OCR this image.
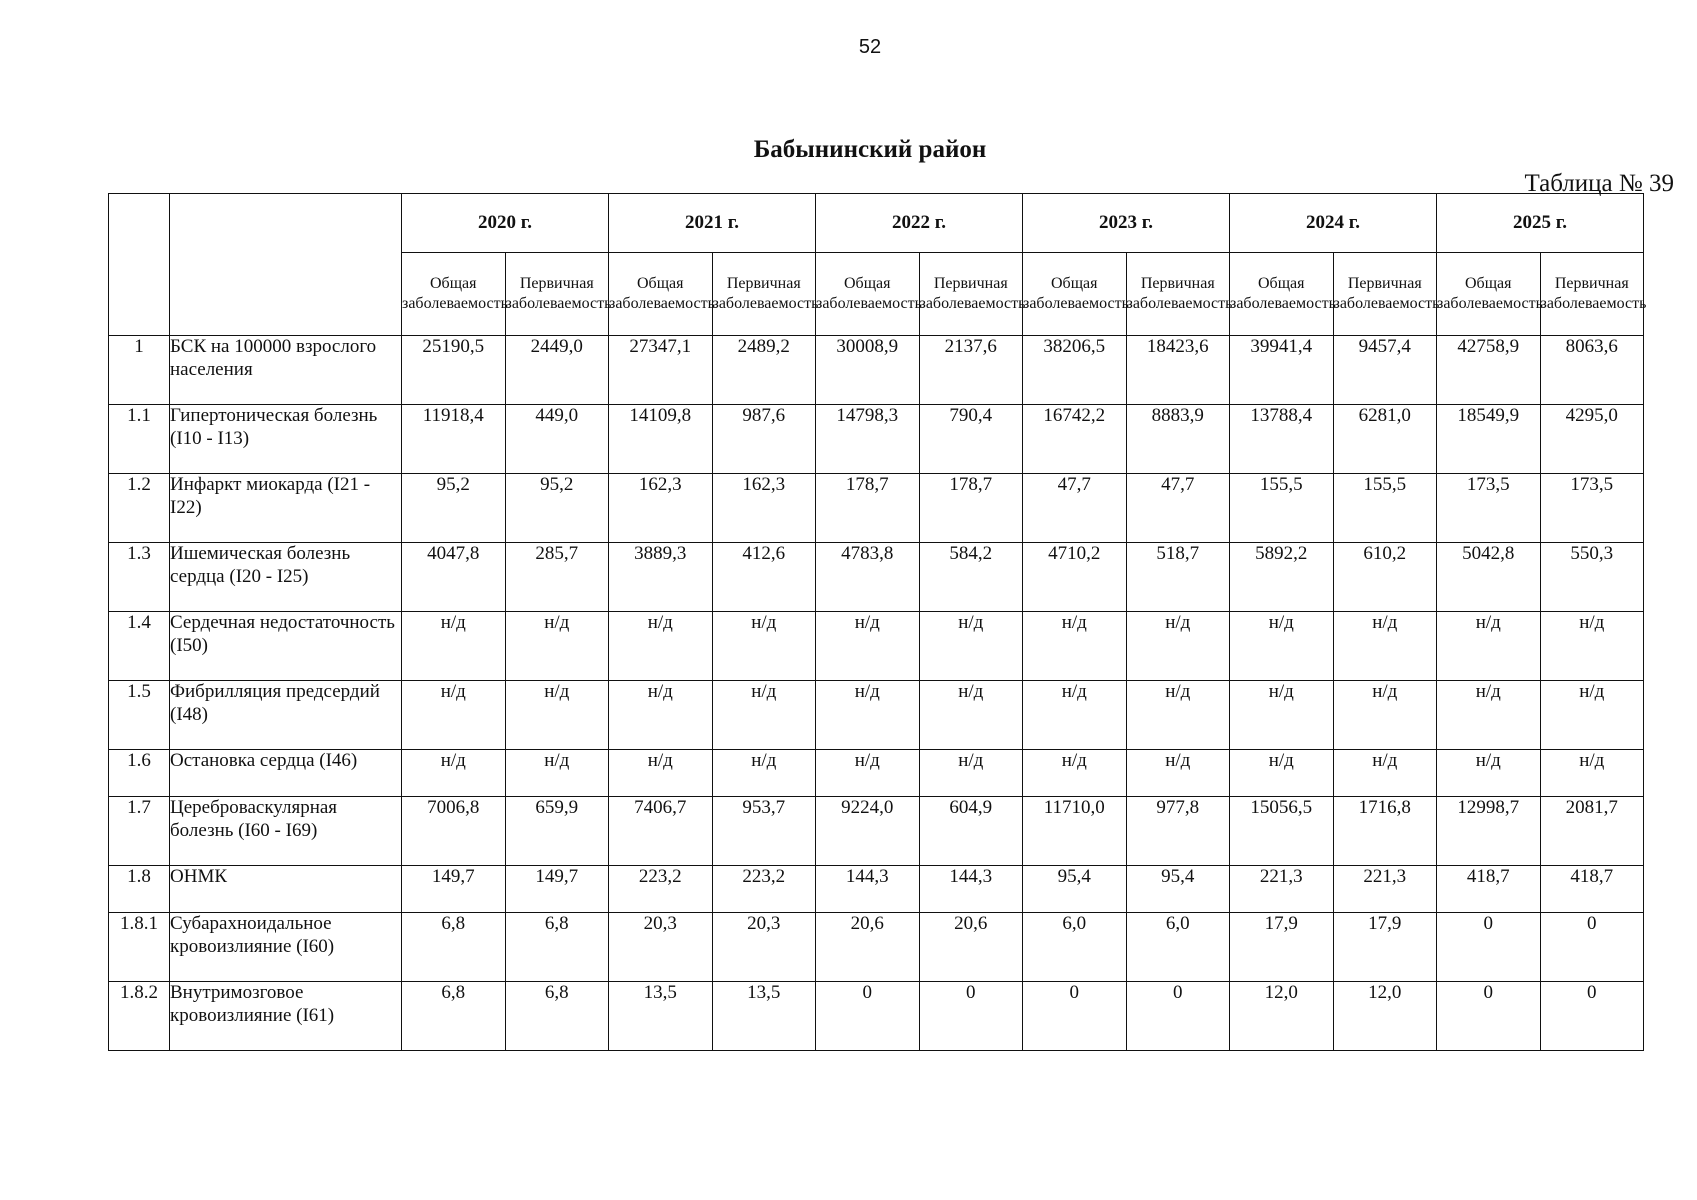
52
Бабынинский район
Таблица № 39
		2020 г.		2021 г.		2022 г.		2023 г.		2024 г.		2025 г.	
		Общая заболеваемость	Первичная заболеваемость	Общая заболеваемость	Первичная заболеваемость	Общая заболеваемость	Первичная заболеваемость	Общая заболеваемость	Первичная заболеваемость	Общая заболеваемость	Первичная заболеваемость	Общая заболеваемость	Первичная заболеваемость
1	БСК на 100000 взрослого населения	25190,5	2449,0	27347,1	2489,2	30008,9	2137,6	38206,5	18423,6	39941,4	9457,4	42758,9	8063,6
1.1	Гипертоническая болезнь (I10 - I13)	11918,4	449,0	14109,8	987,6	14798,3	790,4	16742,2	8883,9	13788,4	6281,0	18549,9	4295,0
1.2	Инфаркт миокарда (I21 - I22)	95,2	95,2	162,3	162,3	178,7	178,7	47,7	47,7	155,5	155,5	173,5	173,5
1.3	Ишемическая болезнь сердца (I20 - I25)	4047,8	285,7	3889,3	412,6	4783,8	584,2	4710,2	518,7	5892,2	610,2	5042,8	550,3
1.4	Сердечная недостаточность (I50)	н/д	н/д	н/д	н/д	н/д	н/д	н/д	н/д	н/д	н/д	н/д	н/д
1.5	Фибрилляция предсердий (I48)	н/д	н/д	н/д	н/д	н/д	н/д	н/д	н/д	н/д	н/д	н/д	н/д
1.6	Остановка сердца (I46)	н/д	н/д	н/д	н/д	н/д	н/д	н/д	н/д	н/д	н/д	н/д	н/д
1.7	Цереброваскулярная болезнь (I60 - I69)	7006,8	659,9	7406,7	953,7	9224,0	604,9	11710,0	977,8	15056,5	1716,8	12998,7	2081,7
1.8	ОНМК	149,7	149,7	223,2	223,2	144,3	144,3	95,4	95,4	221,3	221,3	418,7	418,7
1.8.1	Субарахноидальное кровоизлияние (I60)	6,8	6,8	20,3	20,3	20,6	20,6	6,0	6,0	17,9	17,9	0	0
1.8.2	Внутримозговое кровоизлияние (I61)	6,8	6,8	13,5	13,5	0	0	0	0	12,0	12,0	0	0
